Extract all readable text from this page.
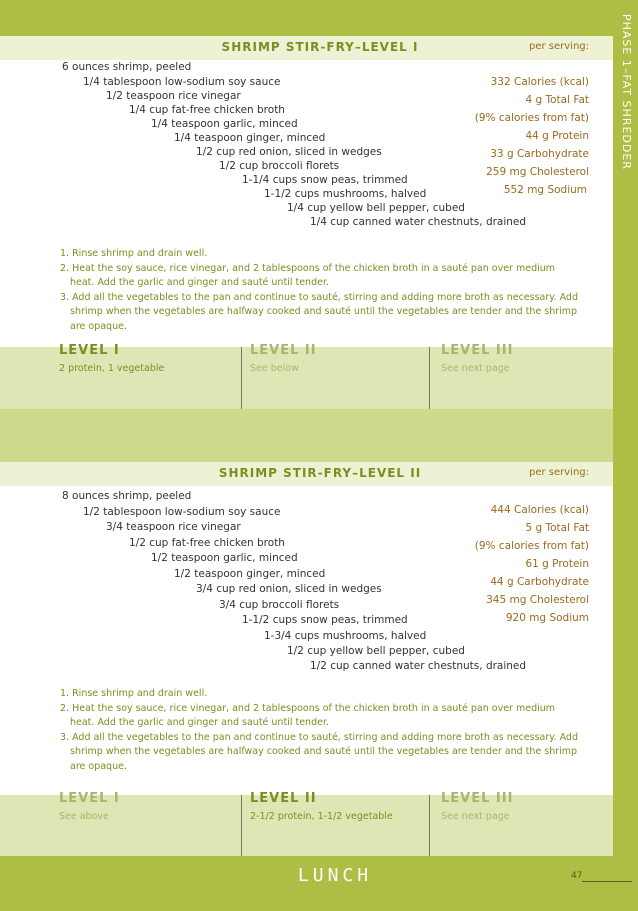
PHASE 1–FAT SHREDDER
SHRIMP STIR-FRY–LEVEL I	per serving:
6 ounces shrimp, peeled
1/4 tablespoon low-sodium soy sauce
1/2 teaspoon rice vinegar
1/4 cup fat-free chicken broth
1/4 teaspoon garlic, minced
1/4 teaspoon ginger, minced
1/2 cup red onion, sliced in wedges
1/2 cup broccoli florets
1-1/4 cups snow peas, trimmed
1-1/2 cups mushrooms, halved
1/4 cup yellow bell pepper, cubed
1/4 cup canned water chestnuts, drained
332 Calories (kcal)
4 g Total Fat
(9% calories from fat)
44 g Protein
33 g Carbohydrate
259 mg Cholesterol
552 mg Sodium

1. Rinse shrimp and drain well.

2. Heat the soy sauce, rice vinegar, and 2 tablespoons of the chicken broth in a sauté pan over medium heat. Add the garlic and ginger and sauté until tender.

3. Add all the vegetables to the pan and continue to sauté, stirring and adding more broth as necessary. Add shrimp when the vegetables are halfway cooked and sauté until the vegetables are tender and the shrimp are opaque.

LEVEL I
2 protein, 1 vegetable
LEVEL II
See below
LEVEL III
See next page
SHRIMP STIR-FRY–LEVEL II	per serving:
8 ounces shrimp, peeled
1/2 tablespoon low-sodium soy sauce
3/4 teaspoon rice vinegar
1/2 cup fat-free chicken broth
1/2 teaspoon garlic, minced
1/2 teaspoon ginger, minced
3/4 cup red onion, sliced in wedges
3/4 cup broccoli florets
1-1/2 cups snow peas, trimmed
1-3/4 cups mushrooms, halved
1/2 cup yellow bell pepper, cubed
1/2 cup canned water chestnuts, drained
444 Calories (kcal)
5 g Total Fat
(9% calories from fat)
61 g Protein
44 g Carbohydrate
345 mg Cholesterol
920 mg Sodium

1. Rinse shrimp and drain well.

2. Heat the soy sauce, rice vinegar, and 2 tablespoons of the chicken broth in a sauté pan over medium heat. Add the garlic and ginger and sauté until tender.

3. Add all the vegetables to the pan and continue to sauté, stirring and adding more broth as necessary. Add shrimp when the vegetables are halfway cooked and sauté until the vegetables are tender and the shrimp are opaque.

LEVEL I
See above
LEVEL II
2-1/2 protein, 1-1/2 vegetable
LEVEL III
See next page
LUNCH	47
